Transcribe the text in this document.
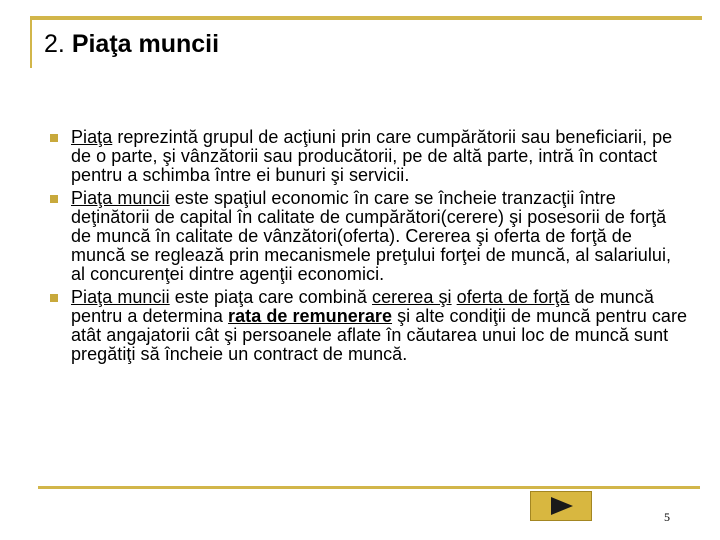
2. Piaţa muncii
Piaţa reprezintă grupul de acţiuni prin care cumpărătorii sau beneficiarii, pe de o parte, şi vânzătorii sau producătorii, pe de altă parte, intră în contact pentru a schimba între ei bunuri şi servicii.
Piaţa muncii este spaţiul economic în care se încheie tranzacţii între deţinătorii de capital în calitate de cumpărători(cerere) şi posesorii de forţă de muncă în calitate de vânzători(oferta). Cererea şi oferta de forţă de muncă se reglează prin mecanismele preţului forţei de muncă, al salariului, al concurenţei dintre agenţii economici.
Piaţa muncii este piaţa care combină cererea şi oferta de forţă de muncă pentru a determina rata de remunerare şi alte condiţii de muncă pentru care atât angajatorii cât şi persoanele aflate în căutarea unui loc de muncă sunt pregătiţi să încheie un contract de muncă.
5
